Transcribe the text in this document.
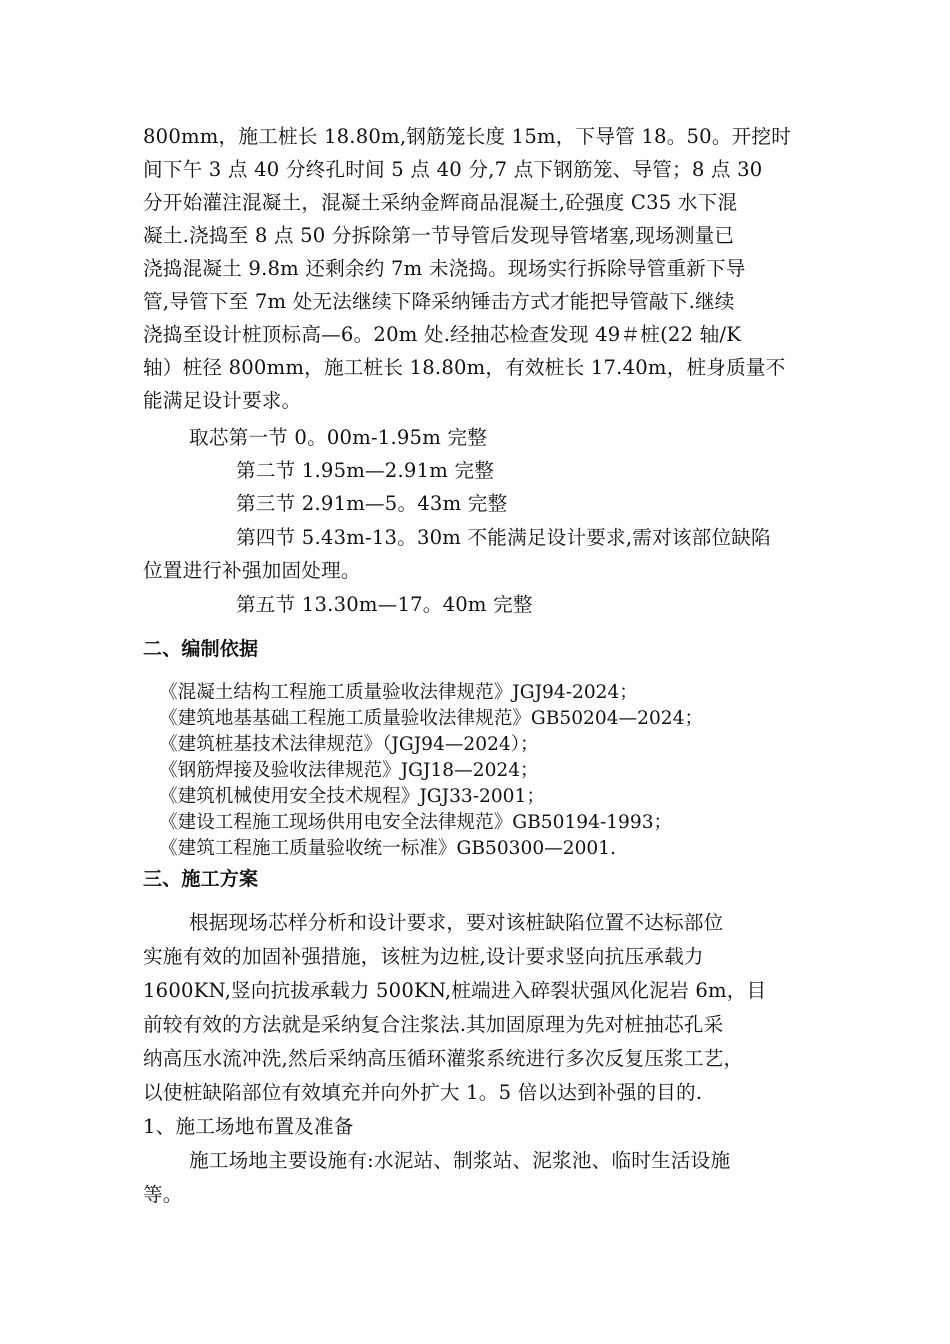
800mm，施工桩长 18.80m,钢筋笼长度 15m，下导管 18。50。开挖时
间下午 3 点 40 分终孔时间 5 点 40 分,7 点下钢筋笼、导管；8 点 30
分开始灌注混凝土，混凝土采纳金辉商品混凝土,砼强度 C35 水下混
凝土.浇捣至 8 点 50 分拆除第一节导管后发现导管堵塞,现场测量已
浇捣混凝土 9.8m 还剩余约 7m 未浇捣。现场实行拆除导管重新下导
管,导管下至 7m 处无法继续下降采纳锤击方式才能把导管敲下.继续
浇捣至设计桩顶标高—6。20m 处.经抽芯检查发现 49＃桩(22 轴/K
轴）桩径 800mm，施工桩长 18.80m，有效桩长 17.40m，桩身质量不
能满足设计要求。
取芯第一节 0。00m-1.95m 完整
第二节 1.95m—2.91m 完整
第三节 2.91m—5。43m 完整
第四节 5.43m-13。30m 不能满足设计要求,需对该部位缺陷
位置进行补强加固处理。
第五节 13.30m—17。40m 完整
二、编制依据
《混凝土结构工程施工质量验收法律规范》JGJ94-2024；
《建筑地基基础工程施工质量验收法律规范》GB50204—2024；
《建筑桩基技术法律规范》（JGJ94—2024）；
《钢筋焊接及验收法律规范》JGJ18—2024；
《建筑机械使用安全技术规程》JGJ33-2001；
《建设工程施工现场供用电安全法律规范》GB50194-1993；
《建筑工程施工质量验收统一标准》GB50300—2001.
三、施工方案
根据现场芯样分析和设计要求，要对该桩缺陷位置不达标部位
实施有效的加固补强措施，该桩为边桩,设计要求竖向抗压承载力
1600KN,竖向抗拔承载力 500KN,桩端进入碎裂状强风化泥岩 6m，目
前较有效的方法就是采纳复合注浆法.其加固原理为先对桩抽芯孔采
纳高压水流冲洗,然后采纳高压循环灌浆系统进行多次反复压浆工艺，
以使桩缺陷部位有效填充并向外扩大 1。5 倍以达到补强的目的.
1、施工场地布置及准备
施工场地主要设施有:水泥站、制浆站、泥浆池、临时生活设施
等。
